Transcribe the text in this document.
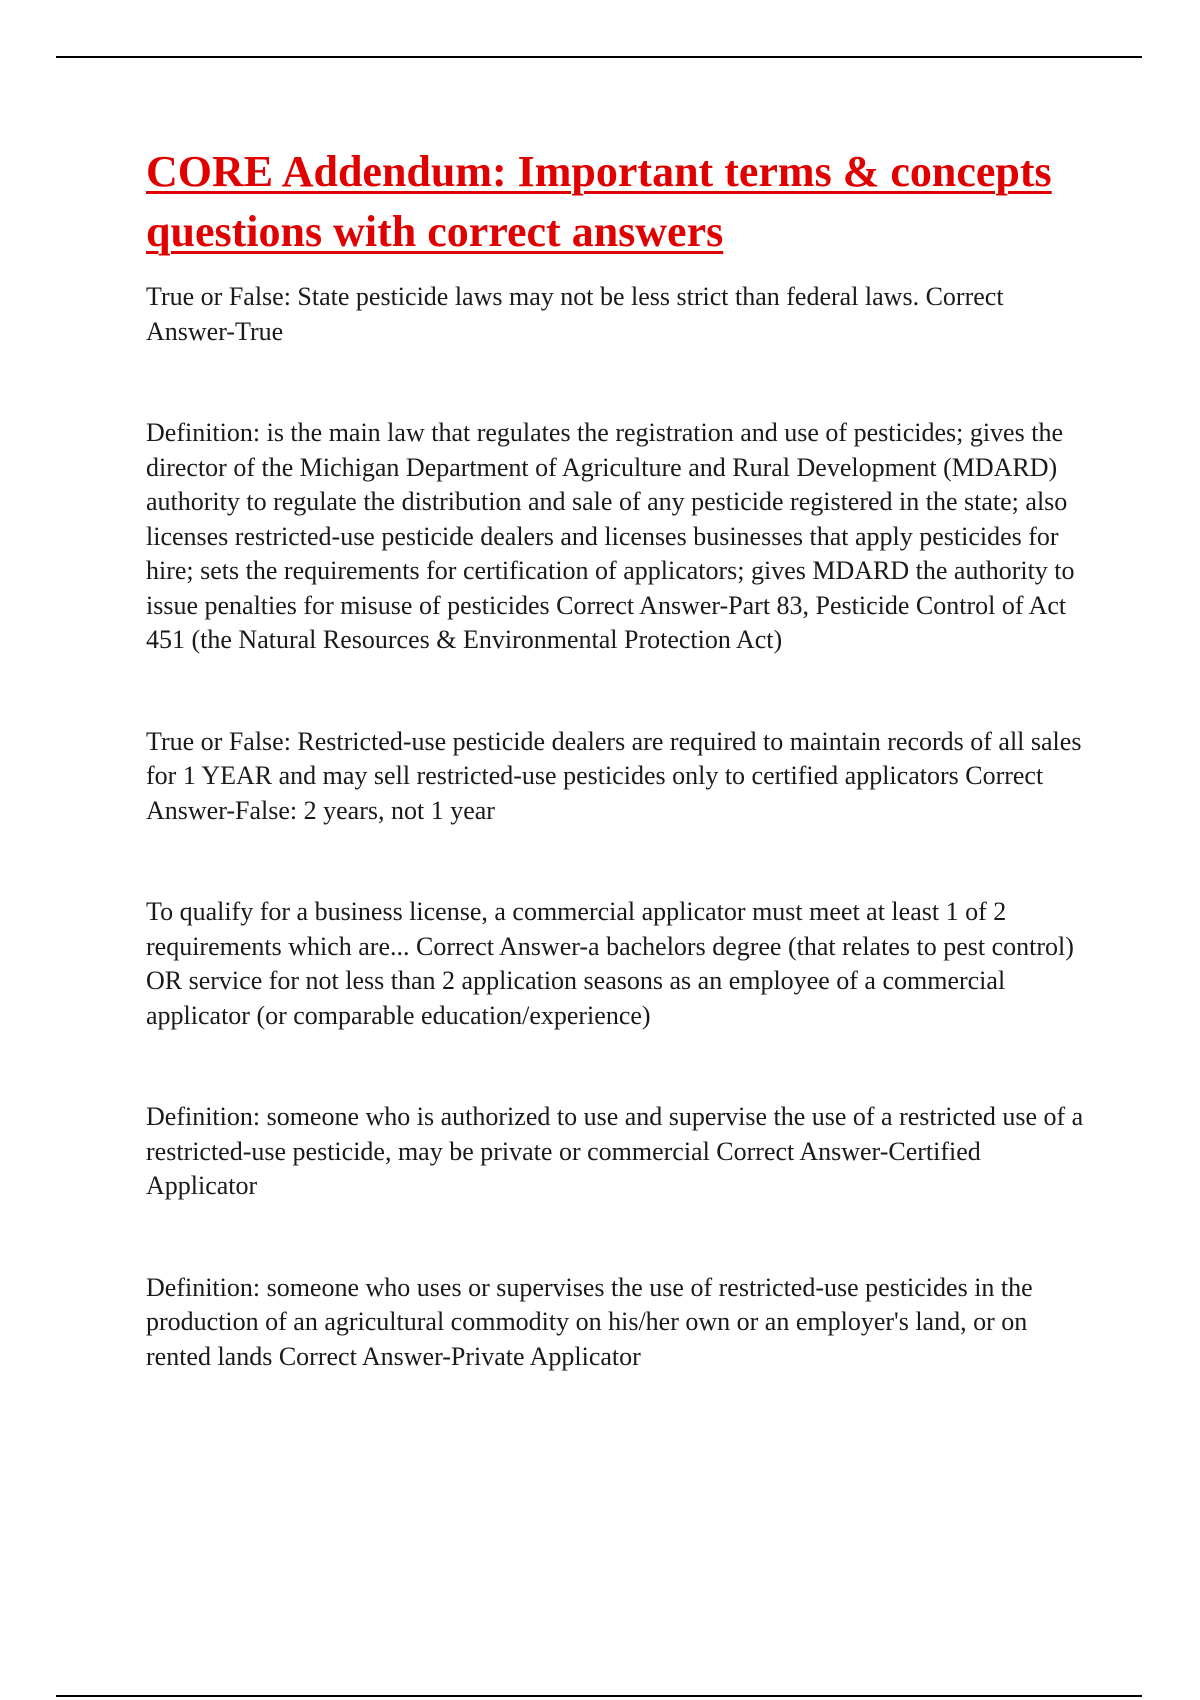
CORE Addendum: Important terms & concepts questions with correct answers

True or False: State pesticide laws may not be less strict than federal laws. Correct Answer-True

Definition: is the main law that regulates the registration and use of pesticides; gives the director of the Michigan Department of Agriculture and Rural Development (MDARD) authority to regulate the distribution and sale of any pesticide registered in the state; also licenses restricted-use pesticide dealers and licenses businesses that apply pesticides for hire; sets the requirements for certification of applicators; gives MDARD the authority to issue penalties for misuse of pesticides Correct Answer-Part 83, Pesticide Control of Act 451 (the Natural Resources & Environmental Protection Act)

True or False: Restricted-use pesticide dealers are required to maintain records of all sales for 1 YEAR and may sell restricted-use pesticides only to certified applicators Correct Answer-False: 2 years, not 1 year

To qualify for a business license, a commercial applicator must meet at least 1 of 2 requirements which are... Correct Answer-a bachelors degree (that relates to pest control) OR service for not less than 2 application seasons as an employee of a commercial applicator (or comparable education/experience)

Definition: someone who is authorized to use and supervise the use of a restricted use of a restricted-use pesticide, may be private or commercial Correct Answer-Certified Applicator

Definition: someone who uses or supervises the use of restricted-use pesticides in the production of an agricultural commodity on his/her own or an employer's land, or on rented lands Correct Answer-Private Applicator
